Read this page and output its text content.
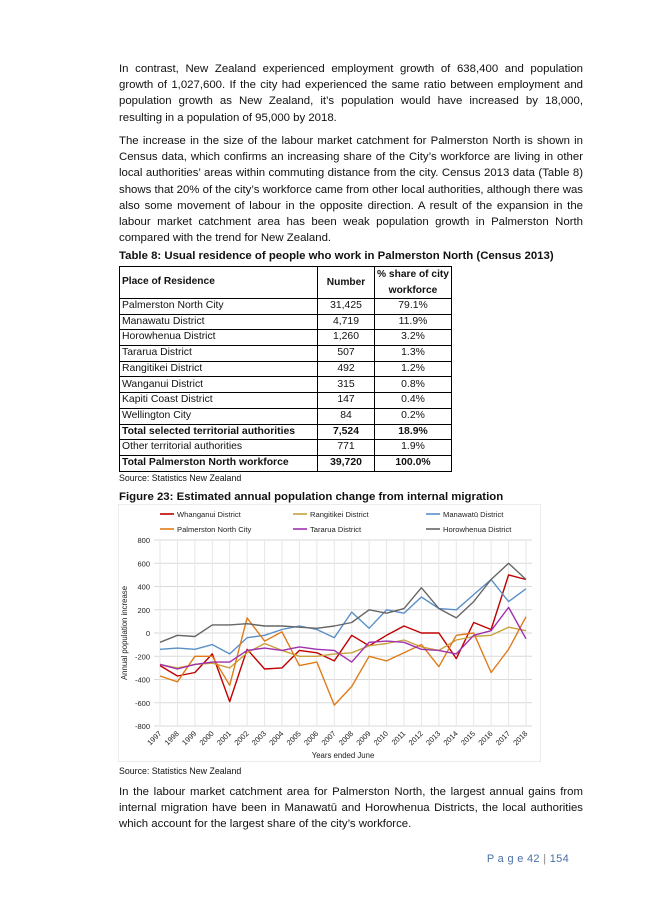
In contrast, New Zealand experienced employment growth of 638,400 and population growth of 1,027,600. If the city had experienced the same ratio between employment and population growth as New Zealand, it’s population would have increased by 18,000, resulting in a population of 95,000 by 2018.

The increase in the size of the labour market catchment for Palmerston North is shown in Census data, which confirms an increasing share of the City’s workforce are living in other local authorities’ areas within commuting distance from the city. Census 2013 data (Table 8) shows that 20% of the city’s workforce came from other local authorities, although there was also some movement of labour in the opposite direction. A result of the expansion in the labour market catchment area has been weak population growth in Palmerston North compared with the trend for New Zealand.

Table 8: Usual residence of people who work in Palmerston North (Census 2013)

Place of Residence	Number	% share of city workforce
Palmerston North City	31,425	79.1%
Manawatu District	4,719	11.9%
Horowhenua District	1,260	3.2%
Tararua District	507	1.3%
Rangitikei District	492	1.2%
Wanganui District	315	0.8%
Kapiti Coast District	147	0.4%
Wellington City	84	0.2%
Total selected territorial authorities	7,524	18.9%
Other territorial authorities	771	1.9%
Total Palmerston North workforce	39,720	100.0%

Source: Statistics New Zealand

Figure 23: Estimated annual population change from internal migration

-800
-600
-400
-200
0
200
400
600
800
1997 1998 1999 2000 2001 2002 2003 2004 2005 2006 2007 2008 2009 2010 2011 2012 2013 2014 2015 2016 2017 2018
Years ended June
Annual population increase
Whanganui District	Rangitikei District	Manawatū District
Palmerston North City	Tararua District	Horowhenua District

Source: Statistics New Zealand

In the labour market catchment area for Palmerston North, the largest annual gains from internal migration have been in Manawatū and Horowhenua Districts, the local authorities which account for the largest share of the city’s workforce.

P a g e 42 | 154
